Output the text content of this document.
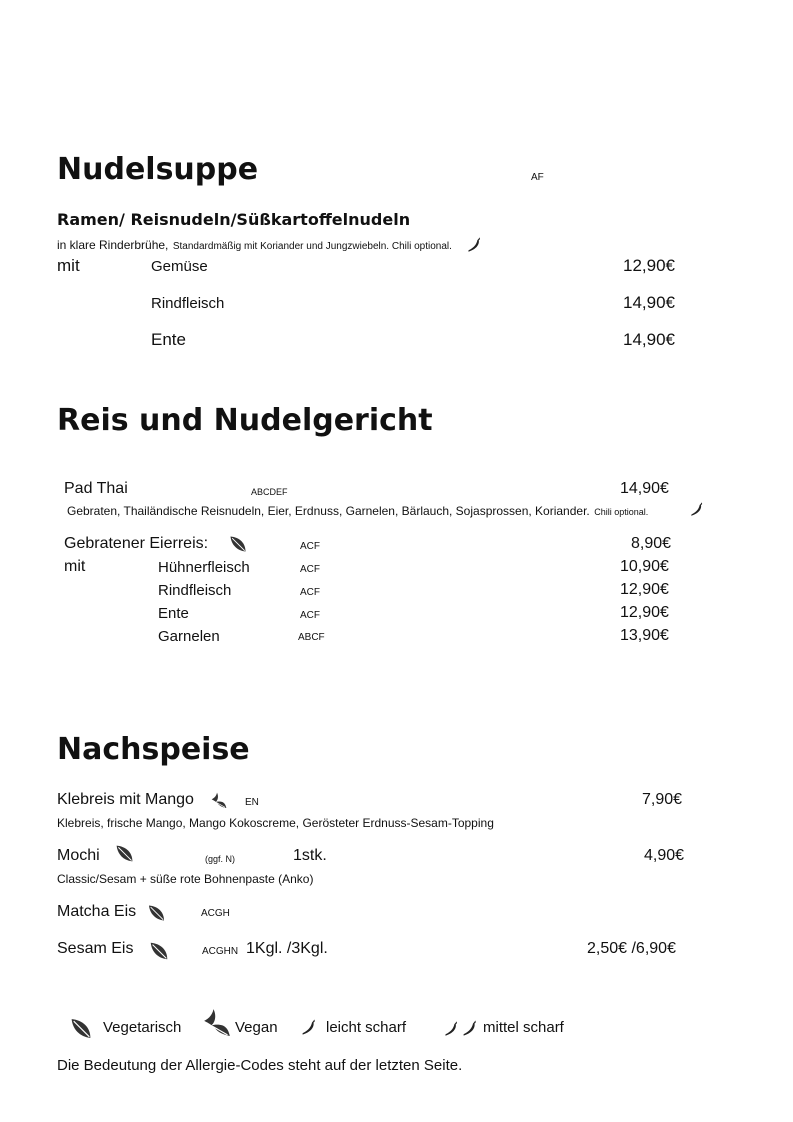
Nudelsuppe	AF
Ramen/ Reisnudeln/Süßkartoffelnudeln
in klare Rinderbrühe, Standardmäßig mit Koriander und Jungzwiebeln. Chili optional.
mit	Gemüse	12,90€
Rindfleisch	14,90€
Ente	14,90€
Reis und Nudelgericht
Pad Thai	ABCDEF	14,90€
Gebraten, Thailändische Reisnudeln, Eier, Erdnuss, Garnelen, Bärlauch, Sojasprossen, Koriander. Chili optional.
Gebratener Eierreis:	ACF	8,90€
mit	Hühnerfleisch	ACF	10,90€
Rindfleisch	ACF	12,90€
Ente	ACF	12,90€
Garnelen	ABCF	13,90€
Nachspeise
Klebreis mit Mango	EN	7,90€
Klebreis, frische Mango, Mango Kokoscreme, Gerösteter Erdnuss-Sesam-Topping
Mochi	(ggf. N)	1stk.	4,90€
Classic/Sesam + süße rote Bohnenpaste (Anko)
Matcha Eis	ACGH
Sesam Eis	ACGHN 1Kgl. /3Kgl.	2,50€ /6,90€
Vegetarisch	Vegan	leicht scharf	mittel scharf
Die Bedeutung der Allergie-Codes steht auf der letzten Seite.
